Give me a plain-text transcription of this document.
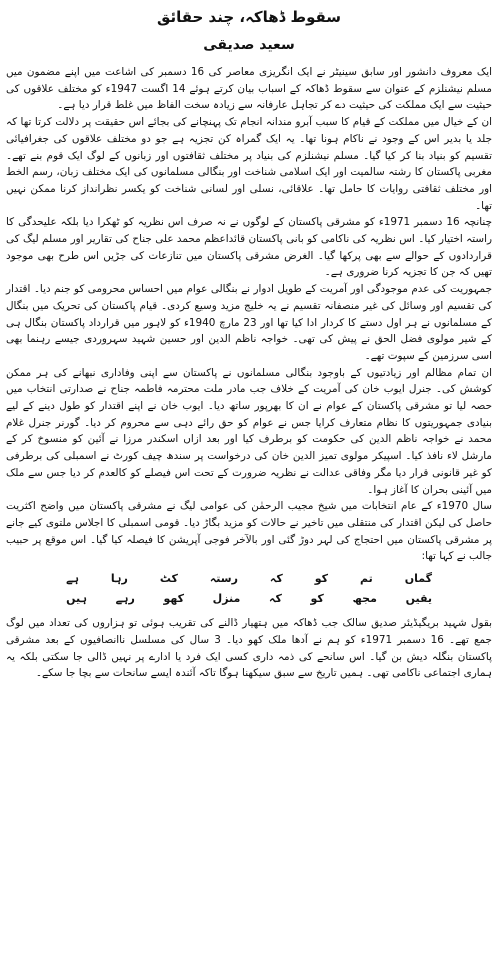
سقوط ڈھاکہ، چند حقائق
سعید صدیقی

ایک معروف دانشور اور سابق سینیٹر نے ایک انگریزی معاصر کی 16 دسمبر کی اشاعت میں اپنے مضمون میں مسلم نیشنلزم کے عنوان سے سقوط ڈھاکہ کے اسباب بیان کرتے ہوئے 14 اگست 1947ء کو مختلف علاقوں کی حیثیت سے ایک مملکت کی حیثیت دے کر تجاہل عارفانہ سے زیادہ سخت الفاظ میں غلط قرار دیا ہے۔

ان کے خیال میں مملکت کے قیام کا سبب آبرو مندانہ انجام تک پہنچانے کی بجائے اس حقیقت پر دلالت کرتا تھا کہ جلد یا بدیر اس کے وجود نے ناکام ہونا تھا۔ یہ ایک گمراہ کن تجزیہ ہے جو دو مختلف علاقوں کی جغرافیائی تقسیم کو بنیاد بنا کر کیا گیا۔ مسلم نیشنلزم کی بنیاد پر مختلف ثقافتوں اور زبانوں کے لوگ ایک قوم بنے تھے۔ مغربی پاکستان کا رشتہ سالمیت اور ایک اسلامی شناخت اور بنگالی مسلمانوں کی ایک مختلف زبان، رسم الخط اور مختلف ثقافتی روایات کا حامل تھا۔ علاقائی، نسلی اور لسانی شناخت کو یکسر نظرانداز کرنا ممکن نہیں تھا۔

چنانچہ 16 دسمبر 1971ء کو مشرقی پاکستان کے لوگوں نے نہ صرف اس نظریہ کو ٹھکرا دیا بلکہ علیحدگی کا راستہ اختیار کیا۔ اس نظریہ کی ناکامی کو بانی پاکستان قائداعظم محمد علی جناح کی تقاریر اور مسلم لیگ کی قراردادوں کے حوالے سے بھی پرکھا گیا۔ الغرض مشرقی پاکستان میں تنازعات کی جڑیں اس طرح بھی موجود تھیں کہ جن کا تجزیہ کرنا ضروری ہے۔

جمہوریت کی عدم موجودگی اور آمریت کے طویل ادوار نے بنگالی عوام میں احساس محرومی کو جنم دیا۔ اقتدار کی تقسیم اور وسائل کی غیر منصفانہ تقسیم نے یہ خلیج مزید وسیع کردی۔ قیام پاکستان کی تحریک میں بنگال کے مسلمانوں نے ہر اول دستے کا کردار ادا کیا تھا اور 23 مارچ 1940ء کو لاہور میں قرارداد پاکستان بنگال ہی کے شیر مولوی فضل الحق نے پیش کی تھی۔ خواجہ ناظم الدین اور حسین شہید سہروردی جیسے رہنما بھی اسی سرزمین کے سپوت تھے۔

ان تمام مظالم اور زیادتیوں کے باوجود بنگالی مسلمانوں نے پاکستان سے اپنی وفاداری نبھانے کی ہر ممکن کوشش کی۔ جنرل ایوب خان کی آمریت کے خلاف جب مادر ملت محترمہ فاطمہ جناح نے صدارتی انتخاب میں حصہ لیا تو مشرقی پاکستان کے عوام نے ان کا بھرپور ساتھ دیا۔ ایوب خان نے اپنے اقتدار کو طول دینے کے لیے بنیادی جمہوریتوں کا نظام متعارف کرایا جس نے عوام کو حق رائے دہی سے محروم کر دیا۔ گورنر جنرل غلام محمد نے خواجہ ناظم الدین کی حکومت کو برطرف کیا اور بعد ازاں اسکندر مرزا نے آئین کو منسوخ کر کے مارشل لاء نافذ کیا۔ اسپیکر مولوی تمیز الدین خان کی درخواست پر سندھ چیف کورٹ نے اسمبلی کی برطرفی کو غیر قانونی قرار دیا مگر وفاقی عدالت نے نظریہ ضرورت کے تحت اس فیصلے کو کالعدم کر دیا جس سے ملک میں آئینی بحران کا آغاز ہوا۔

سال 1970ء کے عام انتخابات میں شیخ مجیب الرحمٰن کی عوامی لیگ نے مشرقی پاکستان میں واضح اکثریت حاصل کی لیکن اقتدار کی منتقلی میں تاخیر نے حالات کو مزید بگاڑ دیا۔ قومی اسمبلی کا اجلاس ملتوی کیے جانے پر مشرقی پاکستان میں احتجاج کی لہر دوڑ گئی اور بالآخر فوجی آپریشن کا فیصلہ کیا گیا۔ اس موقع پر حبیب جالب نے کہا تھا:

گماں
تم
کو
کہ
رستہ
کٹ
رہا
ہے
یقیں
مجھ
کو
کہ
منزل
کھو
رہے
ہیں
بقول شہید بریگیڈیئر صدیق سالک جب ڈھاکہ میں ہتھیار ڈالنے کی تقریب ہوئی تو ہزاروں کی تعداد میں لوگ جمع تھے۔ 16 دسمبر 1971ء کو ہم نے آدھا ملک کھو دیا۔ 3 سال کی مسلسل ناانصافیوں کے بعد مشرقی پاکستان بنگلہ دیش بن گیا۔ اس سانحے کی ذمہ داری کسی ایک فرد یا ادارے پر نہیں ڈالی جا سکتی بلکہ یہ ہماری اجتماعی ناکامی تھی۔ ہمیں تاریخ سے سبق سیکھنا ہوگا تاکہ آئندہ ایسے سانحات سے بچا جا سکے۔
